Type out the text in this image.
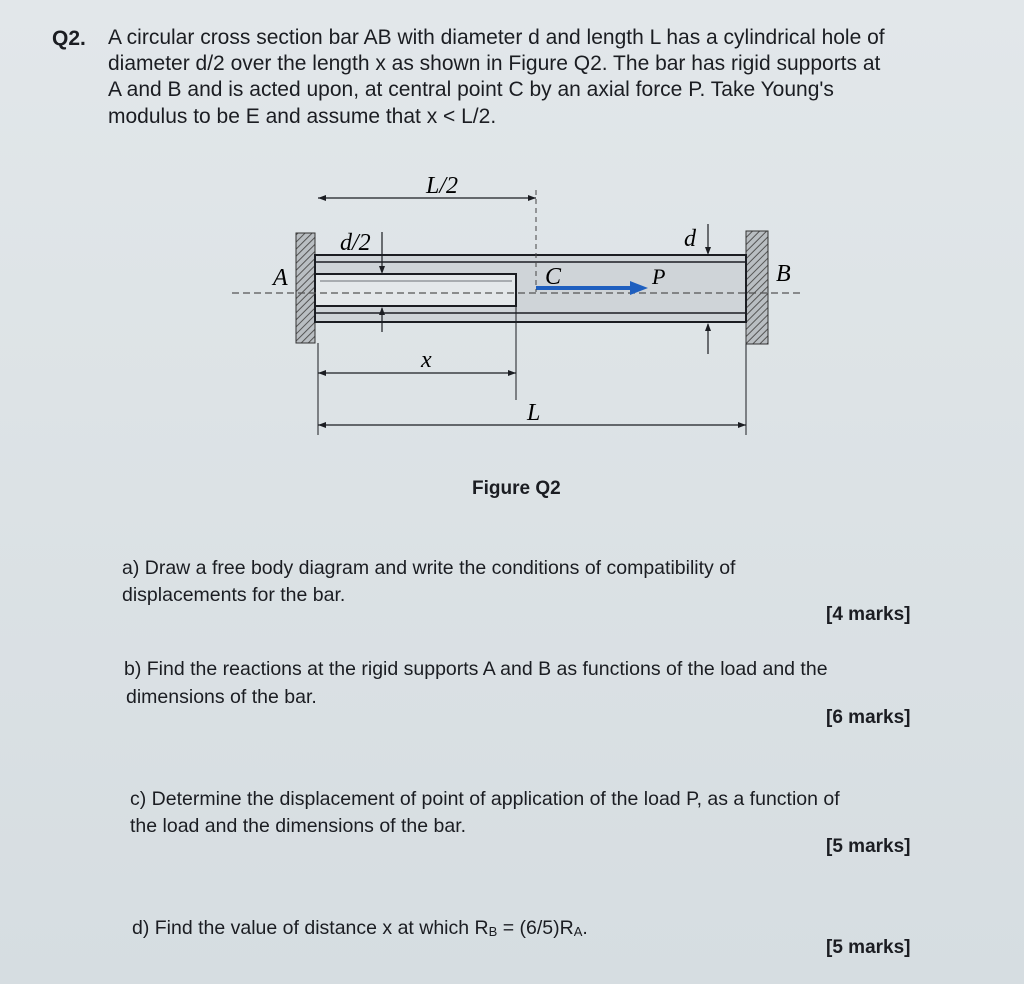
Q2. A circular cross section bar AB with diameter d and length L has a cylindrical hole of
diameter d/2 over the length x as shown in Figure Q2. The bar has rigid supports at
A and B and is acted upon, at central point C by an axial force P. Take Young's
modulus to be E and assume that x < L/2.
L/2
d/2	d
A	B
C	P
x
L
Figure Q2
a) Draw a free body diagram and write the conditions of compatibility of
displacements for the bar.
[4 marks]
b) Find the reactions at the rigid supports A and B as functions of the load and the
dimensions of the bar.
[6 marks]
c) Determine the displacement of point of application of the load P, as a function of
the load and the dimensions of the bar.
[5 marks]
d) Find the value of distance x at which $R_B = (6/5)R_A$.
[5 marks]
